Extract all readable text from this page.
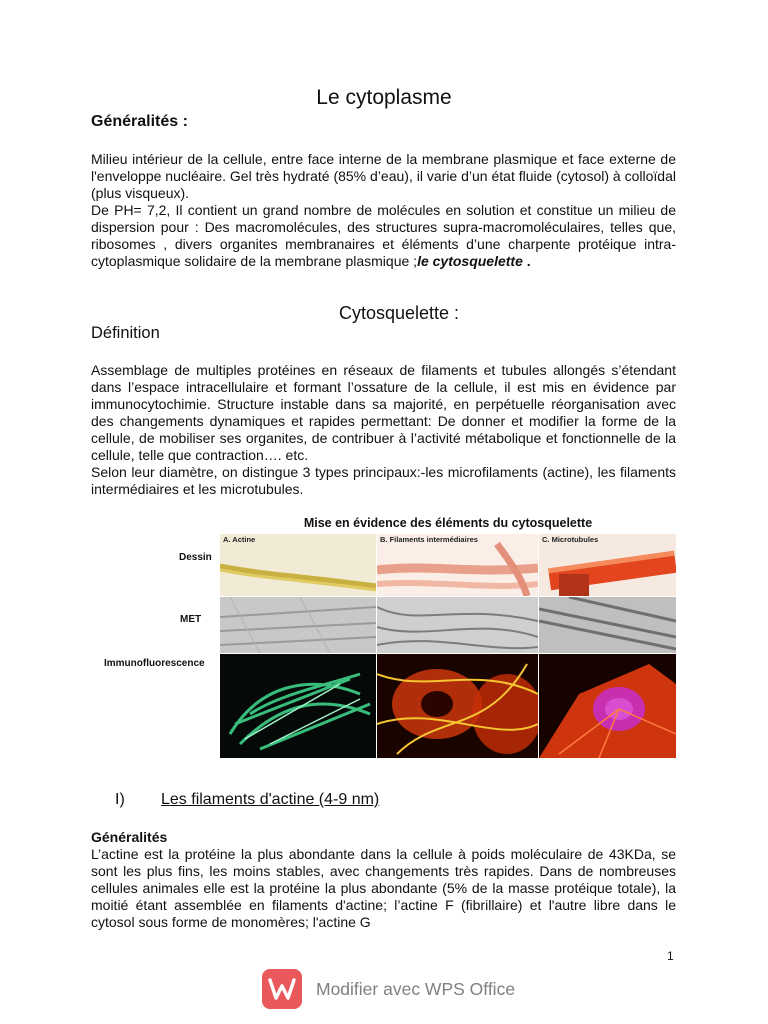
Le cytoplasme
Généralités :

Milieu intérieur de la cellule, entre face interne de la membrane plasmique et face externe de l'enveloppe nucléaire. Gel très hydraté (85% d’eau), il varie d’un état fluide (cytosol) à colloïdal (plus visqueux).

De PH= 7,2, Il contient un grand nombre de molécules en solution et constitue un milieu de dispersion pour : Des macromolécules, des structures supra-macromoléculaires, telles que, ribosomes , divers organites membranaires et éléments d’une charpente protéique intra-cytoplasmique solidaire de la membrane plasmique ;le cytosquelette .

Cytosquelette :
Définition

Assemblage de multiples protéines en réseaux de filaments et tubules allongés s’étendant dans l’espace intracellulaire et formant l’ossature de la cellule, il est mis en évidence par immunocytochimie. Structure instable dans sa majorité, en perpétuelle réorganisation avec des changements dynamiques et rapides permettant: De donner et modifier la forme de la cellule, de mobiliser ses organites, de contribuer à l’activité métabolique et fonctionnelle de la cellule, telle que contraction…. etc.

Selon leur diamètre, on distingue 3 types principaux:-les microfilaments (actine), les filaments intermédiaires et les microtubules.

Mise en évidence des éléments du cytosquelette
Dessin
MET
Immunofluorescence
A. Actine	B. Filaments intermédiaires	C. Microtubules
I) Les filaments d'actine (4-9 nm)
Généralités

L’actine est la protéine la plus abondante dans la cellule à poids moléculaire de 43KDa, se sont les plus fins, les moins stables, avec changements très rapides. Dans de nombreuses cellules animales elle est la protéine la plus abondante (5% de la masse protéique totale), la moitié étant assemblée en filaments d'actine; l’actine F (fibrillaire) et l'autre libre dans le cytosol sous forme de monomères; l'actine G

1
Modifier avec WPS Office
